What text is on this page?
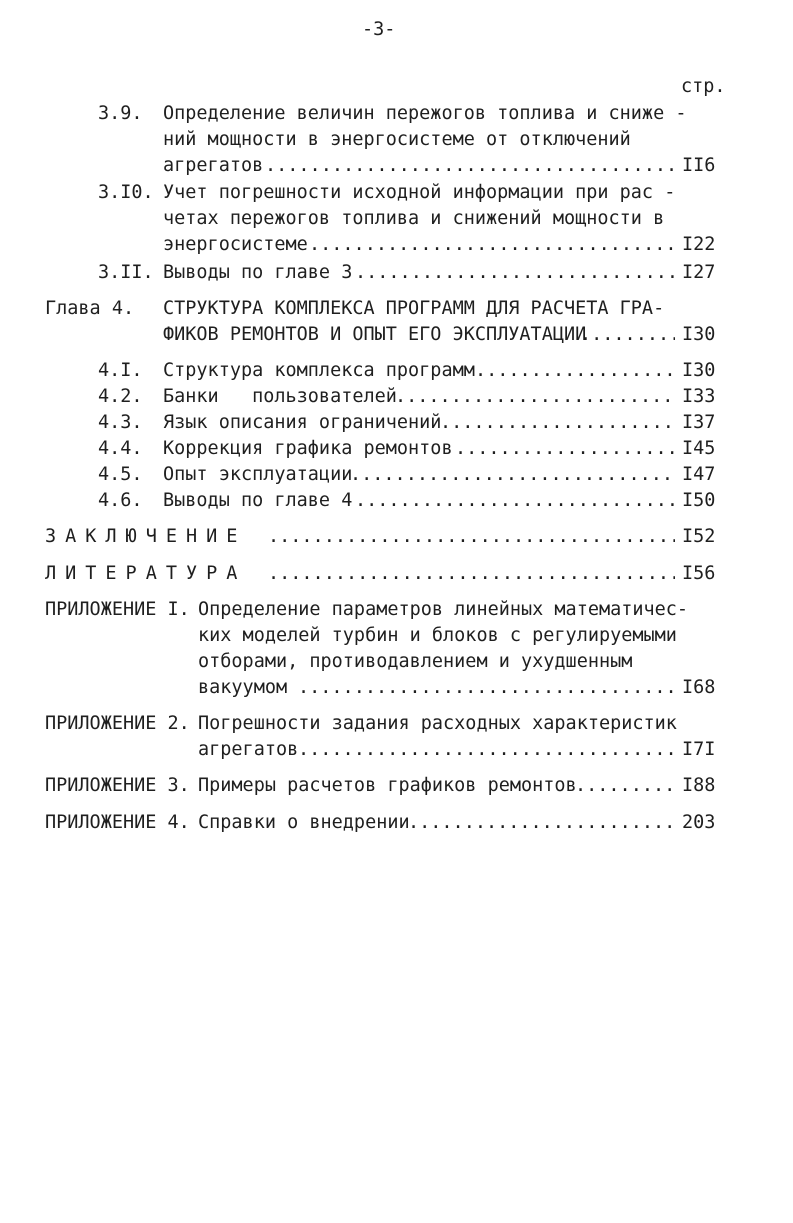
-3-
стр.
3.9. Определение величин пережогов топлива и сниже -
ний мощности в энергосистеме от отключений
агрегатов .....	II6
3.I0. Учет погрешности исходной информации при рас -
четах пережогов топлива и снижений мощности в
энергосистеме .....	I22
3.II. Выводы по главе 3 .....	I27
Глава 4. СТРУКТУРА КОМПЛЕКСА ПРОГРАММ ДЛЯ РАСЧЕТА ГРА-
ФИКОВ РЕМОНТОВ И ОПЫТ ЕГО ЭКСПЛУАТАЦИИ .....	I30
4.I. Структура комплекса программ .....	I30
4.2. Банки   пользователей .....	I33
4.3. Язык описания ограничений .....	I37
4.4. Коррекция графика ремонтов .....	I45
4.5. Опыт эксплуатации .....	I47
4.6. Выводы по главе 4 .....	I50
ЗАКЛЮЧЕНИЕ .....	I52
ЛИТЕРАТУРА .....	I56
ПРИЛОЖЕНИЕ I. Определение параметров линейных математичес-
ких моделей турбин и блоков с регулируемыми
отборами, противодавлением и ухудшенным
вакуумом .....	I68
ПРИЛОЖЕНИЕ 2. Погрешности задания расходных характеристик
агрегатов .....	I7I
ПРИЛОЖЕНИЕ 3. Примеры расчетов графиков ремонтов .....	I88
ПРИЛОЖЕНИЕ 4. Справки о внедрении .....	203
